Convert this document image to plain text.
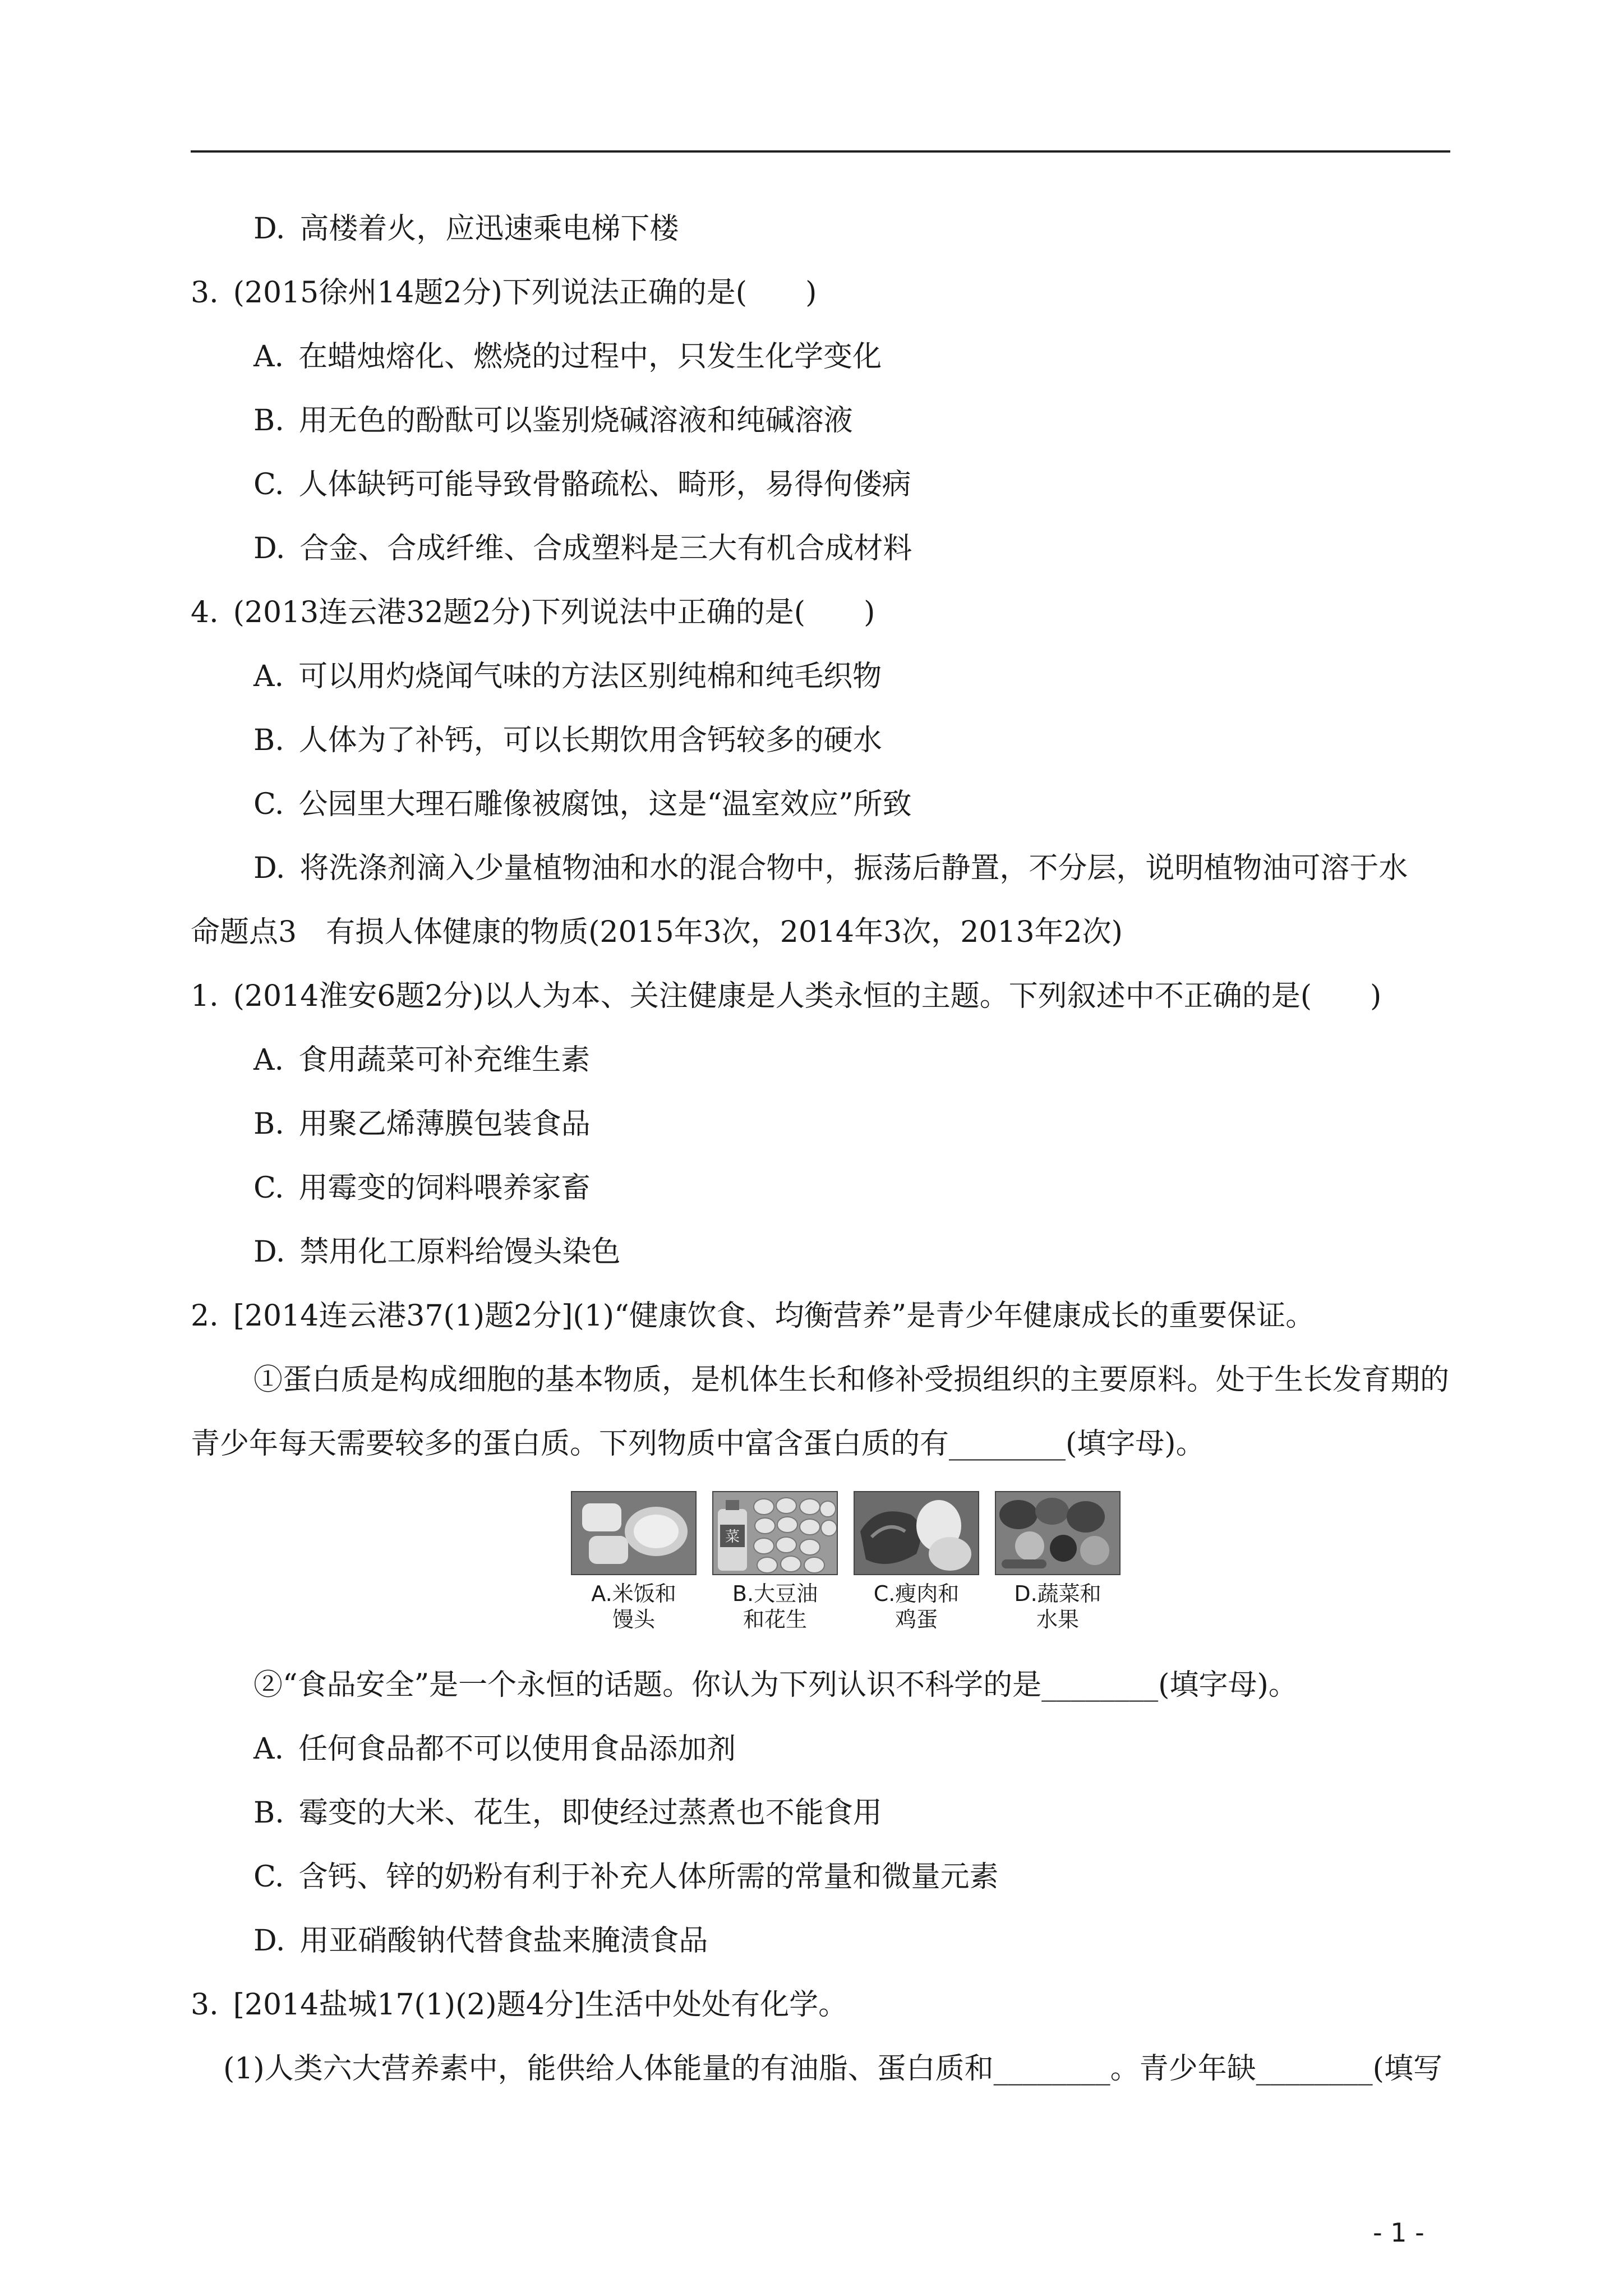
D. 高楼着火，应迅速乘电梯下楼
3. (2015徐州14题2分)下列说法正确的是(　　)
A. 在蜡烛熔化、燃烧的过程中，只发生化学变化
B. 用无色的酚酞可以鉴别烧碱溶液和纯碱溶液
C. 人体缺钙可能导致骨骼疏松、畸形，易得佝偻病
D. 合金、合成纤维、合成塑料是三大有机合成材料
4. (2013连云港32题2分)下列说法中正确的是(　　)
A. 可以用灼烧闻气味的方法区别纯棉和纯毛织物
B. 人体为了补钙，可以长期饮用含钙较多的硬水
C. 公园里大理石雕像被腐蚀，这是“温室效应”所致
D. 将洗涤剂滴入少量植物油和水的混合物中，振荡后静置，不分层，说明植物油可溶于水
命题点3　有损人体健康的物质(2015年3次，2014年3次，2013年2次)
1. (2014淮安6题2分)以人为本、关注健康是人类永恒的主题。下列叙述中不正确的是(　　)
A. 食用蔬菜可补充维生素
B. 用聚乙烯薄膜包装食品
C. 用霉变的饲料喂养家畜
D. 禁用化工原料给馒头染色
2. [2014连云港37(1)题2分](1)“健康饮食、均衡营养”是青少年健康成长的重要保证。
①蛋白质是构成细胞的基本物质，是机体生长和修补受损组织的主要原料。处于生长发育期的
青少年每天需要较多的蛋白质。下列物质中富含蛋白质的有________(填字母)。
菜
A.米饭和
馒头
B.大豆油
和花生
C.瘦肉和
鸡蛋
D.蔬菜和
水果
②“食品安全”是一个永恒的话题。你认为下列认识不科学的是________(填字母)。
A. 任何食品都不可以使用食品添加剂
B. 霉变的大米、花生，即使经过蒸煮也不能食用
C. 含钙、锌的奶粉有利于补充人体所需的常量和微量元素
D. 用亚硝酸钠代替食盐来腌渍食品
3. [2014盐城17(1)(2)题4分]生活中处处有化学。
(1)人类六大营养素中，能供给人体能量的有油脂、蛋白质和________。青少年缺________(填写
- 1 -
